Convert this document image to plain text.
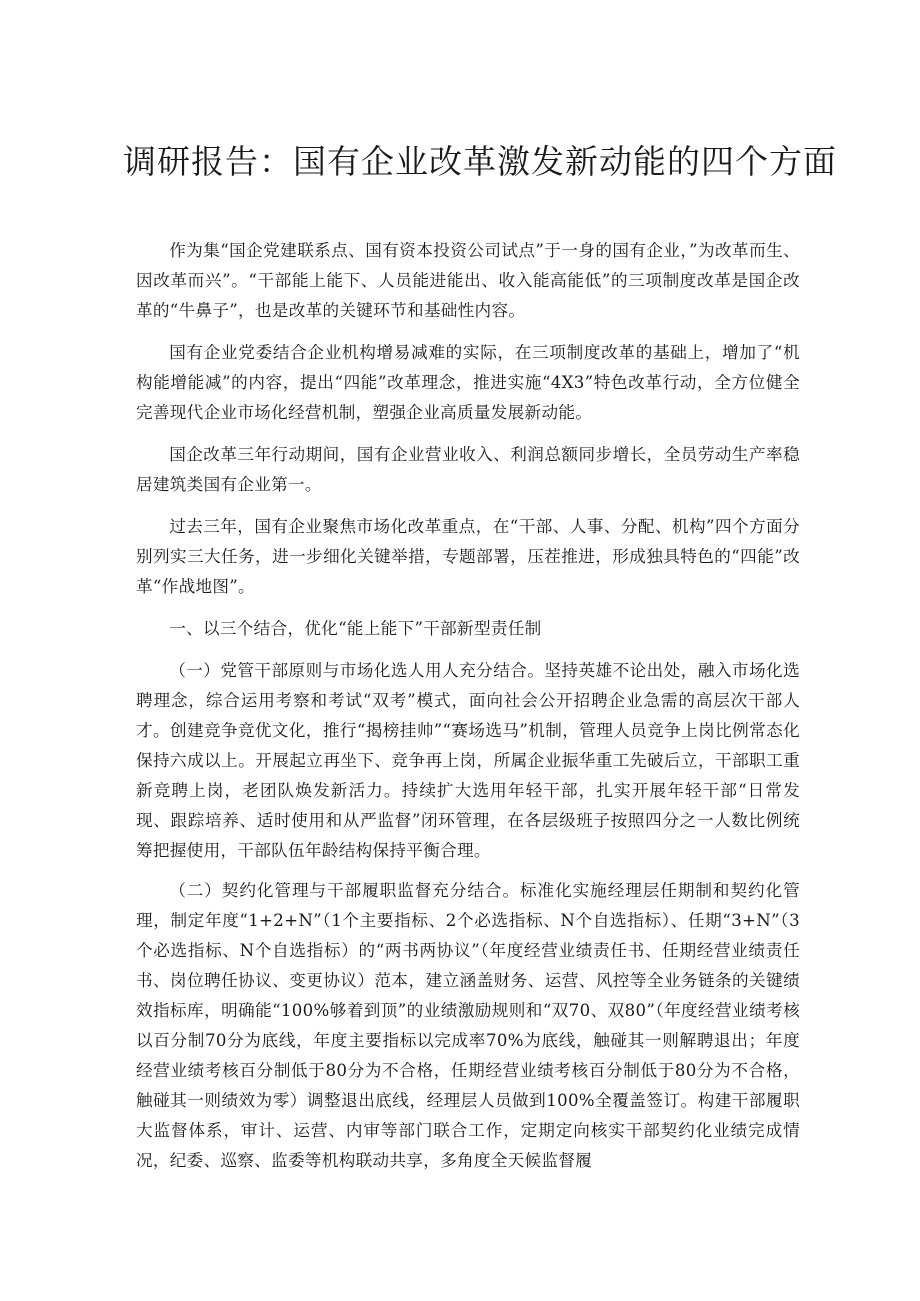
调研报告：国有企业改革激发新动能的四个方面

作为集“国企党建联系点、国有资本投资公司试点”于一身的国有企业，”为改革而生、因改革而兴”。“干部能上能下、人员能进能出、收入能高能低”的三项制度改革是国企改革的“牛鼻子”，也是改革的关键环节和基础性内容。

国有企业党委结合企业机构增易减难的实际，在三项制度改革的基础上，增加了“机构能增能减”的内容，提出“四能”改革理念，推进实施“4X3”特色改革行动，全方位健全完善现代企业市场化经营机制，塑强企业高质量发展新动能。

国企改革三年行动期间，国有企业营业收入、利润总额同步增长，全员劳动生产率稳居建筑类国有企业第一。

过去三年，国有企业聚焦市场化改革重点，在“干部、人事、分配、机构”四个方面分别列实三大任务，进一步细化关键举措，专题部署，压茬推进，形成独具特色的“四能”改革“作战地图”。

一、以三个结合，优化“能上能下”干部新型责任制

（一）党管干部原则与市场化选人用人充分结合。坚持英雄不论出处，融入市场化选聘理念，综合运用考察和考试“双考”模式，面向社会公开招聘企业急需的高层次干部人才。创建竞争竞优文化，推行“揭榜挂帅”“赛场选马”机制，管理人员竞争上岗比例常态化保持六成以上。开展起立再坐下、竞争再上岗，所属企业振华重工先破后立，干部职工重新竞聘上岗，老团队焕发新活力。持续扩大选用年轻干部，扎实开展年轻干部“日常发现、跟踪培养、适时使用和从严监督”闭环管理，在各层级班子按照四分之一人数比例统筹把握使用，干部队伍年龄结构保持平衡合理。

（二）契约化管理与干部履职监督充分结合。标准化实施经理层任期制和契约化管理，制定年度“1+2+N”（1个主要指标、2个必选指标、N个自选指标）、任期“3+N”（3个必选指标、N个自选指标）的“两书两协议”（年度经营业绩责任书、任期经营业绩责任书、岗位聘任协议、变更协议）范本，建立涵盖财务、运营、风控等全业务链条的关键绩效指标库，明确能“100%够着到顶”的业绩激励规则和“双70、双80”（年度经营业绩考核以百分制70分为底线，年度主要指标以完成率70%为底线，触碰其一则解聘退出；年度经营业绩考核百分制低于80分为不合格，任期经营业绩考核百分制低于80分为不合格，触碰其一则绩效为零）调整退出底线，经理层人员做到100%全覆盖签订。构建干部履职大监督体系，审计、运营、内审等部门联合工作，定期定向核实干部契约化业绩完成情况，纪委、巡察、监委等机构联动共享，多角度全天候监督履
